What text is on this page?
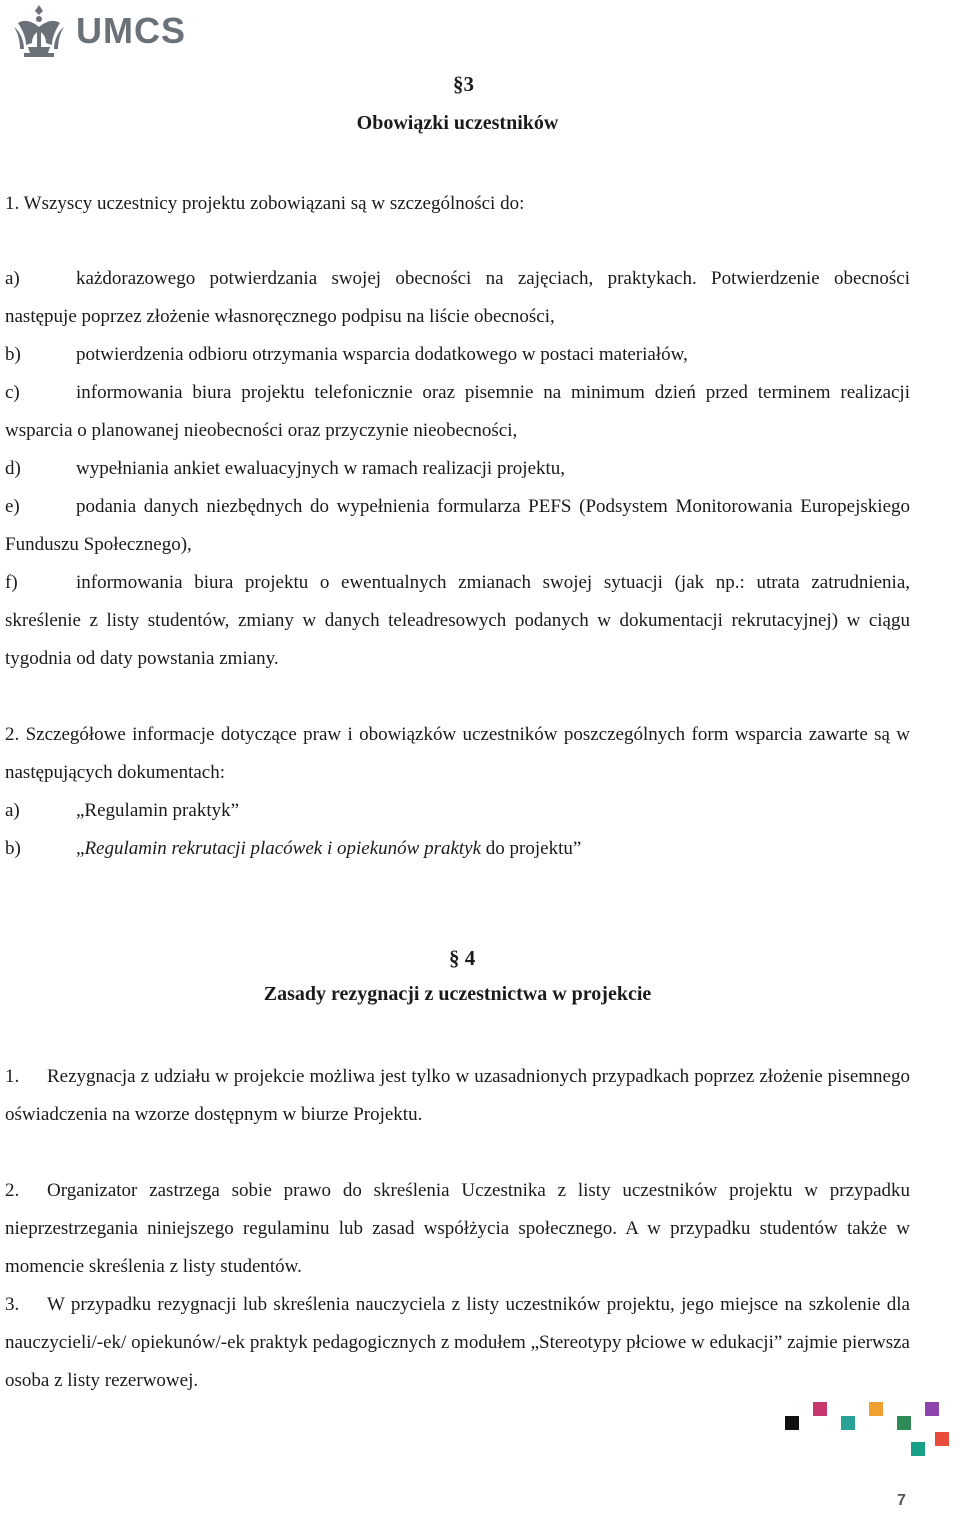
UMCS
§3
Obowiązki uczestników
1. Wszyscy uczestnicy projektu zobowiązani są w szczególności do:
a)	każdorazowego potwierdzania swojej obecności na zajęciach, praktykach. Potwierdzenie obecności następuje poprzez złożenie własnoręcznego podpisu na liście obecności,
b)	potwierdzenia odbioru otrzymania wsparcia dodatkowego w postaci materiałów,
c)	informowania biura projektu telefonicznie oraz pisemnie na minimum dzień przed terminem realizacji wsparcia o planowanej nieobecności oraz przyczynie nieobecności,
d)	wypełniania ankiet ewaluacyjnych w ramach realizacji projektu,
e)	podania danych niezbędnych do wypełnienia formularza PEFS (Podsystem Monitorowania Europejskiego Funduszu Społecznego),
f)	informowania biura projektu o ewentualnych zmianach swojej sytuacji (jak np.: utrata zatrudnienia, skreślenie z listy studentów, zmiany w danych teleadresowych podanych w dokumentacji rekrutacyjnej) w ciągu tygodnia od daty powstania zmiany.
2. Szczegółowe informacje dotyczące praw i obowiązków uczestników poszczególnych form wsparcia zawarte są w następujących dokumentach:
a)	„Regulamin praktyk”
b)	„Regulamin rekrutacji placówek i opiekunów praktyk do projektu”
§ 4
Zasady rezygnacji z uczestnictwa w projekcie
1. Rezygnacja z udziału w projekcie możliwa jest tylko w uzasadnionych przypadkach poprzez złożenie pisemnego oświadczenia na wzorze dostępnym w biurze Projektu.
2. Organizator zastrzega sobie prawo do skreślenia Uczestnika z listy uczestników projektu w przypadku nieprzestrzegania niniejszego regulaminu lub zasad współżycia społecznego. A w przypadku studentów także w momencie skreślenia z listy studentów.
3. W przypadku rezygnacji lub skreślenia nauczyciela z listy uczestników projektu, jego miejsce na szkolenie dla nauczycieli/-ek/ opiekunów/-ek praktyk pedagogicznych z modułem „Stereotypy płciowe w edukacji” zajmie pierwsza osoba z listy rezerwowej.
7
